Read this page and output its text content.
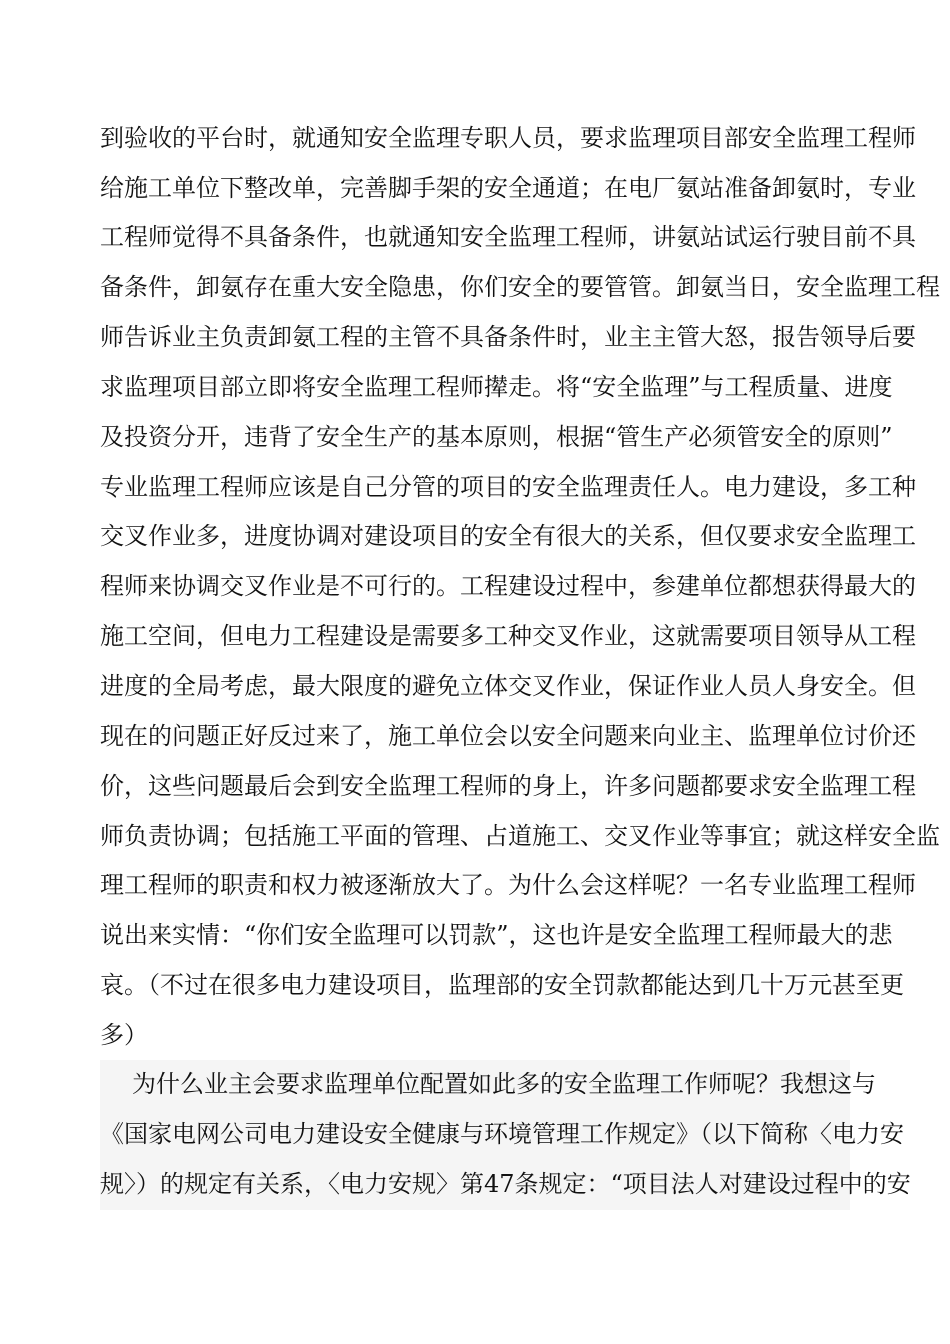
到验收的平台时，就通知安全监理专职人员，要求监理项目部安全监理工程师
给施工单位下整改单，完善脚手架的安全通道；在电厂氨站准备卸氨时，专业
工程师觉得不具备条件，也就通知安全监理工程师，讲氨站试运行驶目前不具
备条件，卸氨存在重大安全隐患，你们安全的要管管。卸氨当日，安全监理工程
师告诉业主负责卸氨工程的主管不具备条件时，业主主管大怒，报告领导后要
求监理项目部立即将安全监理工程师撵走。将“安全监理”与工程质量、进度
及投资分开，违背了安全生产的基本原则，根据“管生产必须管安全的原则”
专业监理工程师应该是自己分管的项目的安全监理责任人。电力建设，多工种
交叉作业多，进度协调对建设项目的安全有很大的关系，但仅要求安全监理工
程师来协调交叉作业是不可行的。工程建设过程中，参建单位都想获得最大的
施工空间，但电力工程建设是需要多工种交叉作业，这就需要项目领导从工程
进度的全局考虑，最大限度的避免立体交叉作业，保证作业人员人身安全。但
现在的问题正好反过来了，施工单位会以安全问题来向业主、监理单位讨价还
价，这些问题最后会到安全监理工程师的身上，许多问题都要求安全监理工程
师负责协调；包括施工平面的管理、占道施工、交叉作业等事宜；就这样安全监
理工程师的职责和权力被逐渐放大了。为什么会这样呢？一名专业监理工程师
说出来实情：“你们安全监理可以罚款”，这也许是安全监理工程师最大的悲
哀。（不过在很多电力建设项目，监理部的安全罚款都能达到几十万元甚至更
多）
为什么业主会要求监理单位配置如此多的安全监理工作师呢？我想这与
《国家电网公司电力建设安全健康与环境管理工作规定》（以下简称〈电力安
规〉）的规定有关系，〈电力安规〉第47条规定：“项目法人对建设过程中的安
